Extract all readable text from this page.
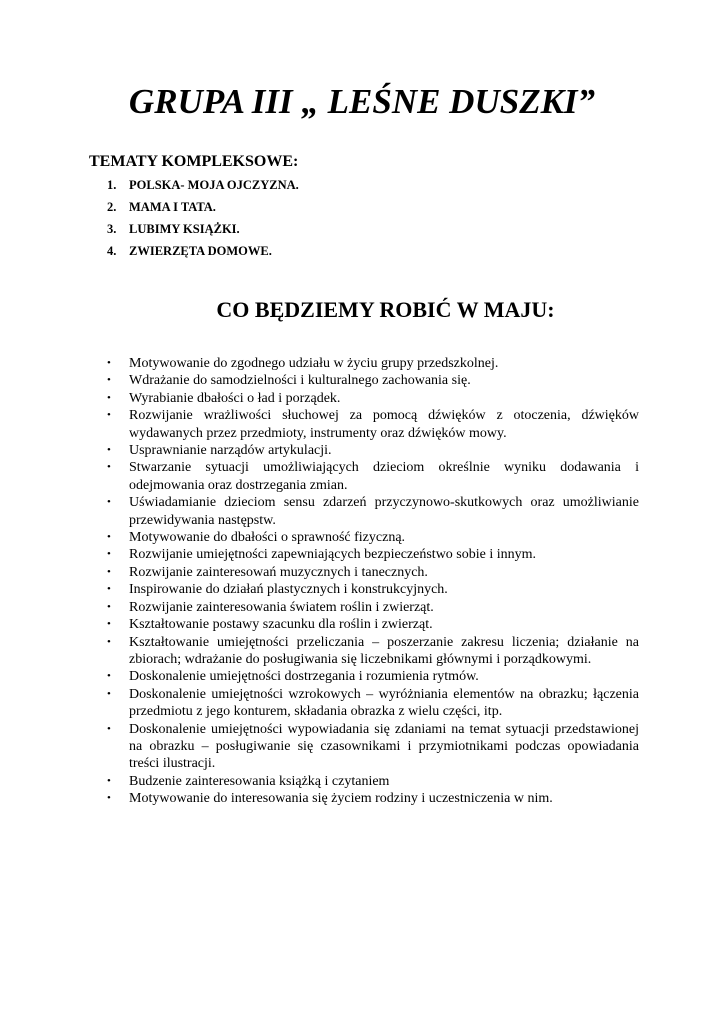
GRUPA III „ LEŚNE DUSZKI”
TEMATY KOMPLEKSOWE:
1. POLSKA- MOJA OJCZYZNA.
2. MAMA I TATA.
3. LUBIMY KSIĄŻKI.
4. ZWIERZĘTA DOMOWE.
CO BĘDZIEMY ROBIĆ W MAJU:
•	Motywowanie do zgodnego udziału w życiu grupy przedszkolnej.
•	Wdrażanie do samodzielności i kulturalnego zachowania się.
•	Wyrabianie dbałości o ład i porządek.
•	Rozwijanie wrażliwości słuchowej za pomocą dźwięków z otoczenia, dźwięków wydawanych przez przedmioty, instrumenty oraz dźwięków mowy.
•	Usprawnianie narządów artykulacji.
•	Stwarzanie sytuacji umożliwiających dzieciom określnie wyniku dodawania i odejmowania oraz dostrzegania zmian.
•	Uświadamianie dzieciom sensu zdarzeń przyczynowo-skutkowych oraz umożliwianie przewidywania następstw.
•	Motywowanie do dbałości o sprawność fizyczną.
•	Rozwijanie umiejętności zapewniających bezpieczeństwo sobie i innym.
•	Rozwijanie zainteresowań muzycznych i tanecznych.
•	Inspirowanie do działań plastycznych i konstrukcyjnych.
•	Rozwijanie zainteresowania światem roślin i zwierząt.
•	Kształtowanie postawy szacunku dla roślin i zwierząt.
•	Kształtowanie umiejętności przeliczania – poszerzanie zakresu liczenia; działanie na zbiorach; wdrażanie do posługiwania się liczebnikami głównymi i porządkowymi.
•	Doskonalenie umiejętności dostrzegania i rozumienia rytmów.
•	Doskonalenie umiejętności wzrokowych – wyróżniania elementów na obrazku; łączenia przedmiotu z jego konturem, składania obrazka z wielu części, itp.
•	Doskonalenie umiejętności wypowiadania się zdaniami na temat sytuacji przedstawionej na obrazku – posługiwanie się czasownikami i przymiotnikami podczas opowiadania treści ilustracji.
•	Budzenie zainteresowania książką i czytaniem
•	Motywowanie do interesowania się życiem rodziny i uczestniczenia w nim.
